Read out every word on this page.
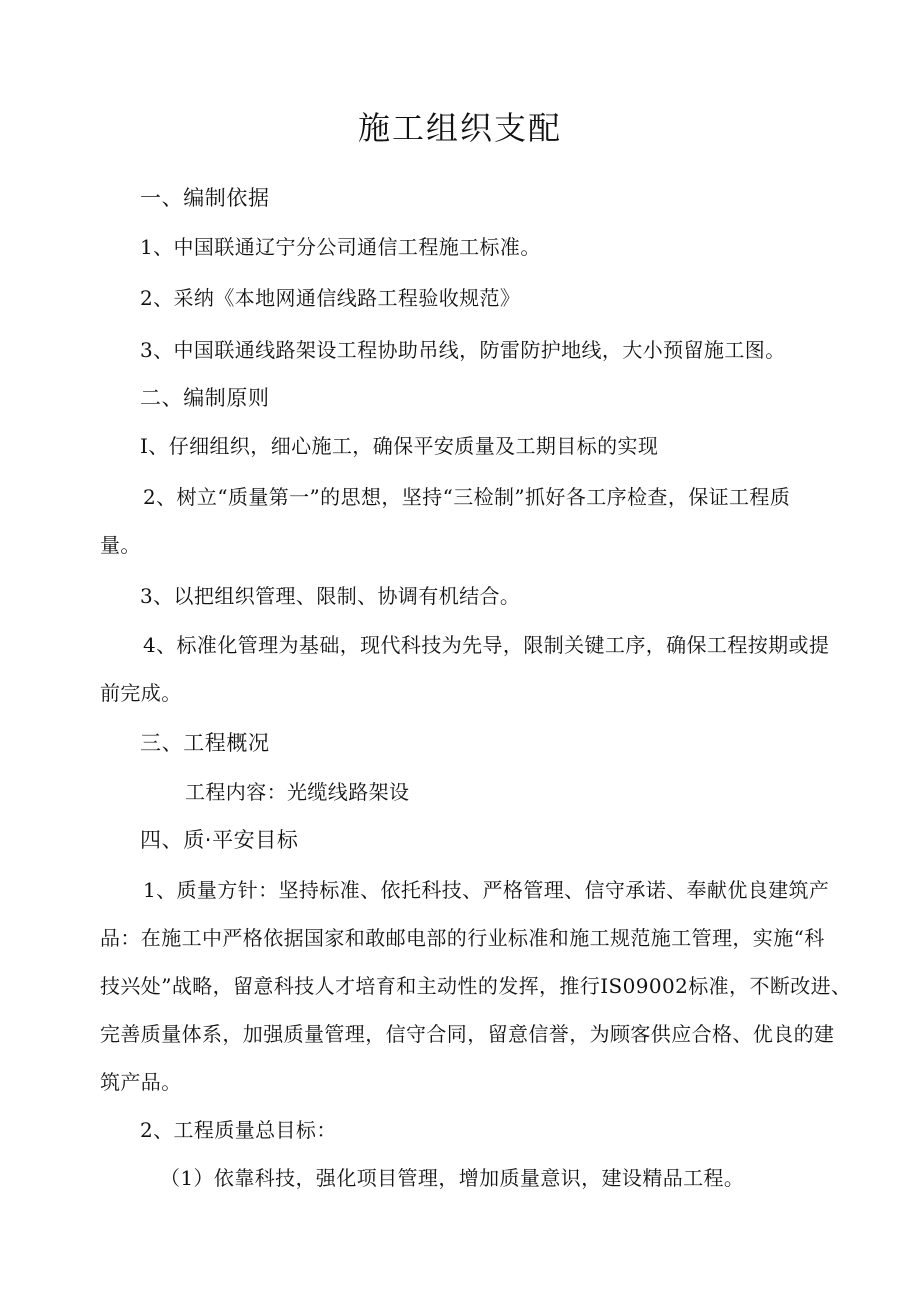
施工组织支配
一、编制依据
1、中国联通辽宁分公司通信工程施工标准。
2、采纳《本地网通信线路工程验收规范》
3、中国联通线路架设工程协助吊线，防雷防护地线，大小预留施工图。
二、编制原则
I、仔细组织，细心施工，确保平安质量及工期目标的实现
2、树立“质量第一”的思想，坚持“三检制”抓好各工序检查，保证工程质
量。
3、以把组织管理、限制、协调有机结合。
4、标准化管理为基础，现代科技为先导，限制关键工序，确保工程按期或提
前完成。
三、工程概况
工程内容：光缆线路架设
四、质·平安目标
1、质量方针：坚持标准、依托科技、严格管理、信守承诺、奉献优良建筑产
品：在施工中严格依据国家和敢邮电部的行业标准和施工规范施工管理，实施“科
技兴处”战略，留意科技人才培育和主动性的发挥，推行IS09002标准，不断改进、
完善质量体系，加强质量管理，信守合同，留意信誉，为顾客供应合格、优良的建
筑产品。
2、工程质量总目标：
（1）依靠科技，强化项目管理，增加质量意识，建设精品工程。
